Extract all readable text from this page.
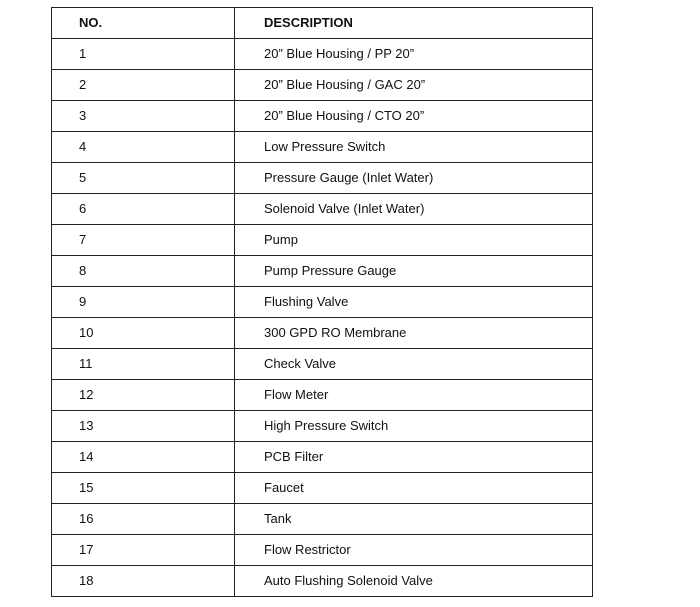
NO.	DESCRIPTION
1	20” Blue Housing / PP 20”
2	20” Blue Housing / GAC 20”
3	20” Blue Housing / CTO 20”
4	Low Pressure Switch
5	Pressure Gauge (Inlet Water)
6	Solenoid Valve (Inlet Water)
7	Pump
8	Pump Pressure Gauge
9	Flushing Valve
10	300 GPD RO Membrane
11	Check Valve
12	Flow Meter
13	High Pressure Switch
14	PCB Filter
15	Faucet
16	Tank
17	Flow Restrictor
18	Auto Flushing Solenoid Valve
